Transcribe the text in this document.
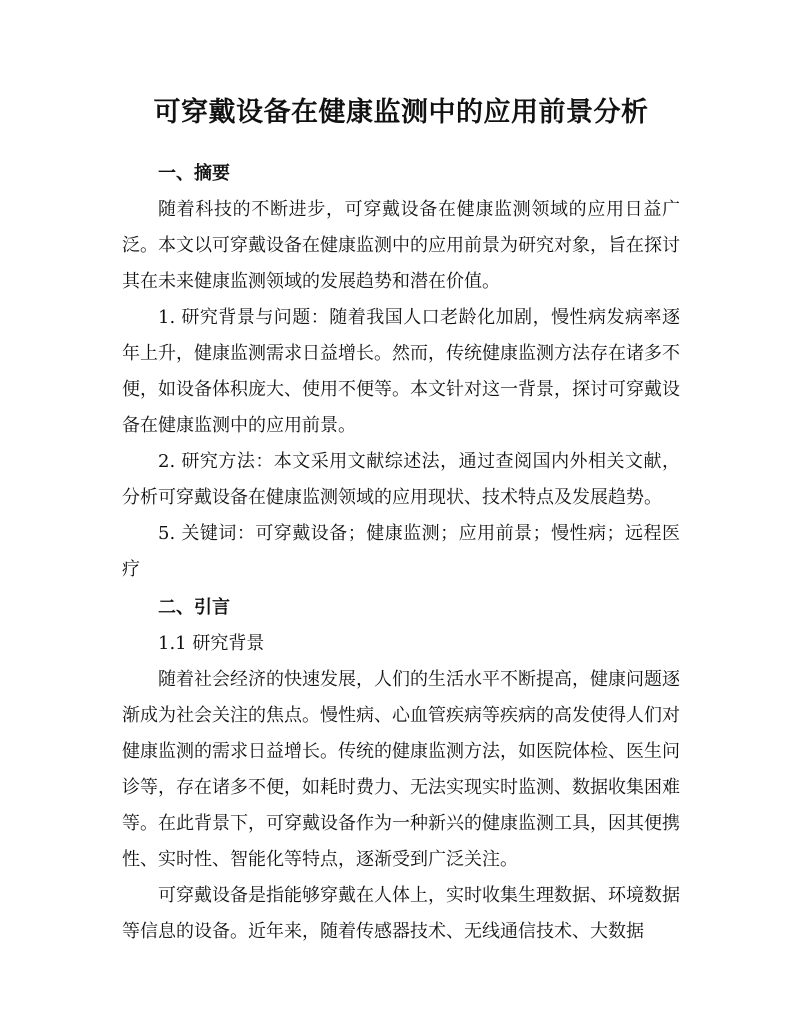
可穿戴设备在健康监测中的应用前景分析
一、摘要

随着科技的不断进步，可穿戴设备在健康监测领域的应用日益广泛。本文以可穿戴设备在健康监测中的应用前景为研究对象，旨在探讨其在未来健康监测领域的发展趋势和潜在价值。

1. 研究背景与问题：随着我国人口老龄化加剧，慢性病发病率逐年上升，健康监测需求日益增长。然而，传统健康监测方法存在诸多不便，如设备体积庞大、使用不便等。本文针对这一背景，探讨可穿戴设备在健康监测中的应用前景。

2. 研究方法：本文采用文献综述法，通过查阅国内外相关文献，分析可穿戴设备在健康监测领域的应用现状、技术特点及发展趋势。

5. 关键词：可穿戴设备；健康监测；应用前景；慢性病；远程医疗

二、引言

1.1 研究背景

随着社会经济的快速发展，人们的生活水平不断提高，健康问题逐渐成为社会关注的焦点。慢性病、心血管疾病等疾病的高发使得人们对健康监测的需求日益增长。传统的健康监测方法，如医院体检、医生问诊等，存在诸多不便，如耗时费力、无法实现实时监测、数据收集困难等。在此背景下，可穿戴设备作为一种新兴的健康监测工具，因其便携性、实时性、智能化等特点，逐渐受到广泛关注。

可穿戴设备是指能够穿戴在人体上，实时收集生理数据、环境数据等信息的设备。近年来，随着传感器技术、无线通信技术、大数据
